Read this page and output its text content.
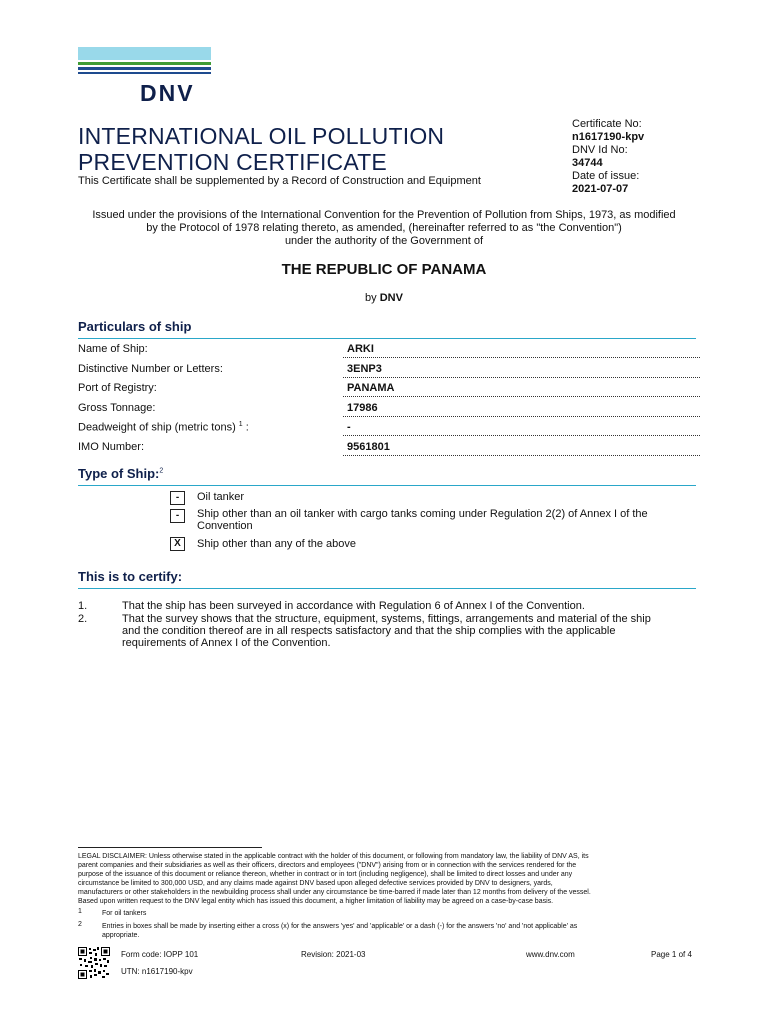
DNV
INTERNATIONAL OIL POLLUTION
PREVENTION CERTIFICATE
This Certificate shall be supplemented by a Record of Construction and Equipment
Certificate No:
n1617190-kpv
DNV Id No:
34744
Date of issue:
2021-07-07
Issued under the provisions of the International Convention for the Prevention of Pollution from Ships, 1973, as modified
by the Protocol of 1978 relating thereto, as amended, (hereinafter referred to as "the Convention")
under the authority of the Government of
THE REPUBLIC OF PANAMA
by DNV
Particulars of ship
Name of Ship:	ARKI
Distinctive Number or Letters:	3ENP3
Port of Registry:	PANAMA
Gross Tonnage:	17986
Deadweight of ship (metric tons) $^1$ :	-
IMO Number:	9561801
Type of Ship:$^2$
-	Oil tanker
-	Ship other than an oil tanker with cargo tanks coming under Regulation 2(2) of Annex I of the
Convention
X	Ship other than any of the above
This is to certify:
1.	That the ship has been surveyed in accordance with Regulation 6 of Annex I of the Convention.
2.	That the survey shows that the structure, equipment, systems, fittings, arrangements and material of the ship
and the condition thereof are in all respects satisfactory and that the ship complies with the applicable
requirements of Annex I of the Convention.
LEGAL DISCLAIMER: Unless otherwise stated in the applicable contract with the holder of this document, or following from mandatory law, the liability of DNV AS, its
parent companies and their subsidiaries as well as their officers, directors and employees ("DNV") arising from or in connection with the services rendered for the
purpose of the issuance of this document or reliance thereon, whether in contract or in tort (including negligence), shall be limited to direct losses and under any
circumstance be limited to 300,000 USD, and any claims made against DNV based upon alleged defective services provided by DNV to designers, yards,
manufacturers or other stakeholders in the newbuilding process shall under any circumstance be time-barred if made later than 12 months from delivery of the vessel.
Based upon written request to the DNV legal entity which has issued this document, a higher limitation of liability may be agreed on a case-by-case basis.
1	For oil tankers
2	Entries in boxes shall be made by inserting either a cross (x) for the answers 'yes' and 'applicable' or a dash (-) for the answers 'no' and 'not applicable' as
appropriate.
Form code: IOPP 101	Revision: 2021-03	www.dnv.com	Page 1 of 4
UTN: n1617190-kpv
